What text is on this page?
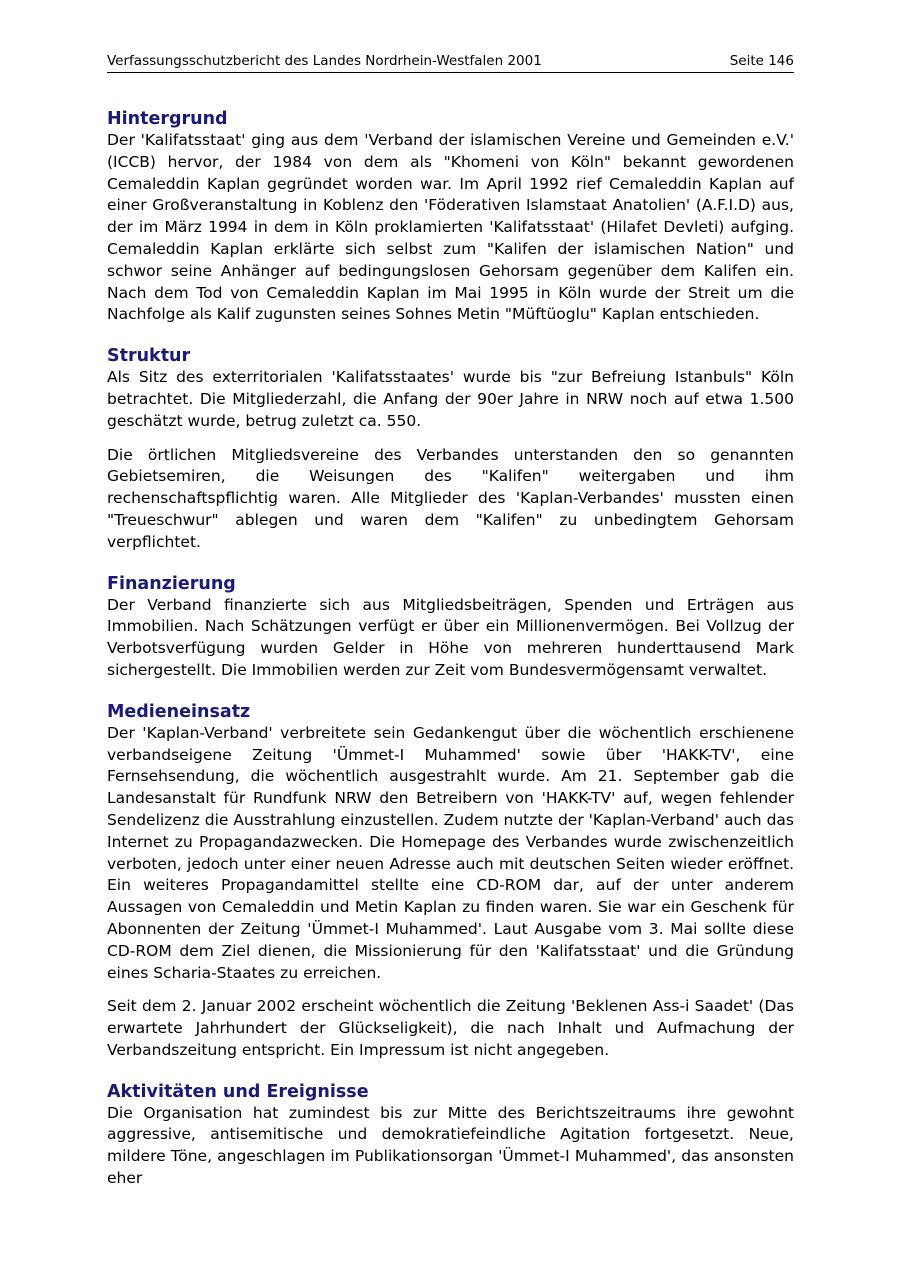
Verfassungsschutzbericht des Landes Nordrhein-Westfalen 2001	Seite 146
Hintergrund

Der 'Kalifatsstaat' ging aus dem 'Verband der islamischen Vereine und Gemeinden e.V.' (ICCB) hervor, der 1984 von dem als "Khomeni von Köln" bekannt gewordenen Cemaleddin Kaplan gegründet worden war. Im April 1992 rief Cemaleddin Kaplan auf einer Großveranstaltung in Koblenz den 'Föderativen Islamstaat Anatolien' (A.F.I.D) aus, der im März 1994 in dem in Köln proklamierten 'Kalifatsstaat' (Hilafet Devleti) aufging. Cemaleddin Kaplan erklärte sich selbst zum "Kalifen der islamischen Nation" und schwor seine Anhänger auf bedingungslosen Gehorsam gegenüber dem Kalifen ein. Nach dem Tod von Cemaleddin Kaplan im Mai 1995 in Köln wurde der Streit um die Nachfolge als Kalif zugunsten seines Sohnes Metin "Müftüoglu" Kaplan entschieden.

Struktur

Als Sitz des exterritorialen 'Kalifatsstaates' wurde bis "zur Befreiung Istanbuls" Köln betrachtet. Die Mitgliederzahl, die Anfang der 90er Jahre in NRW noch auf etwa 1.500 geschätzt wurde, betrug zuletzt ca. 550.

Die örtlichen Mitgliedsvereine des Verbandes unterstanden den so genannten Gebietsemiren, die Weisungen des "Kalifen" weitergaben und ihm rechenschaftspflichtig waren. Alle Mitglieder des 'Kaplan-Verbandes' mussten einen "Treueschwur" ablegen und waren dem "Kalifen" zu unbedingtem Gehorsam verpflichtet.

Finanzierung

Der Verband finanzierte sich aus Mitgliedsbeiträgen, Spenden und Erträgen aus Immobilien. Nach Schätzungen verfügt er über ein Millionenvermögen. Bei Vollzug der Verbotsverfügung wurden Gelder in Höhe von mehreren hunderttausend Mark sichergestellt. Die Immobilien werden zur Zeit vom Bundesvermögensamt verwaltet.

Medieneinsatz

Der 'Kaplan-Verband' verbreitete sein Gedankengut über die wöchentlich erschienene verbandseigene Zeitung 'Ümmet-I Muhammed' sowie über 'HAKK-TV', eine Fernsehsendung, die wöchentlich ausgestrahlt wurde. Am 21. September gab die Landesanstalt für Rundfunk NRW den Betreibern von 'HAKK-TV' auf, wegen fehlender Sendelizenz die Ausstrahlung einzustellen. Zudem nutzte der 'Kaplan-Verband' auch das Internet zu Propagandazwecken. Die Homepage des Verbandes wurde zwischenzeitlich verboten, jedoch unter einer neuen Adresse auch mit deutschen Seiten wieder eröffnet. Ein weiteres Propagandamittel stellte eine CD-ROM dar, auf der unter anderem Aussagen von Cemaleddin und Metin Kaplan zu finden waren. Sie war ein Geschenk für Abonnenten der Zeitung 'Ümmet-I Muhammed'. Laut Ausgabe vom 3. Mai sollte diese CD-ROM dem Ziel dienen, die Missionierung für den 'Kalifatsstaat' und die Gründung eines Scharia-Staates zu erreichen.

Seit dem 2. Januar 2002 erscheint wöchentlich die Zeitung 'Beklenen Ass-i Saadet' (Das erwartete Jahrhundert der Glückseligkeit), die nach Inhalt und Aufmachung der Verbandszeitung entspricht. Ein Impressum ist nicht angegeben.

Aktivitäten und Ereignisse

Die Organisation hat zumindest bis zur Mitte des Berichtszeitraums ihre gewohnt aggressive, antisemitische und demokratiefeindliche Agitation fortgesetzt. Neue, mildere Töne, angeschlagen im Publikationsorgan 'Ümmet-I Muhammed', das ansonsten eher
